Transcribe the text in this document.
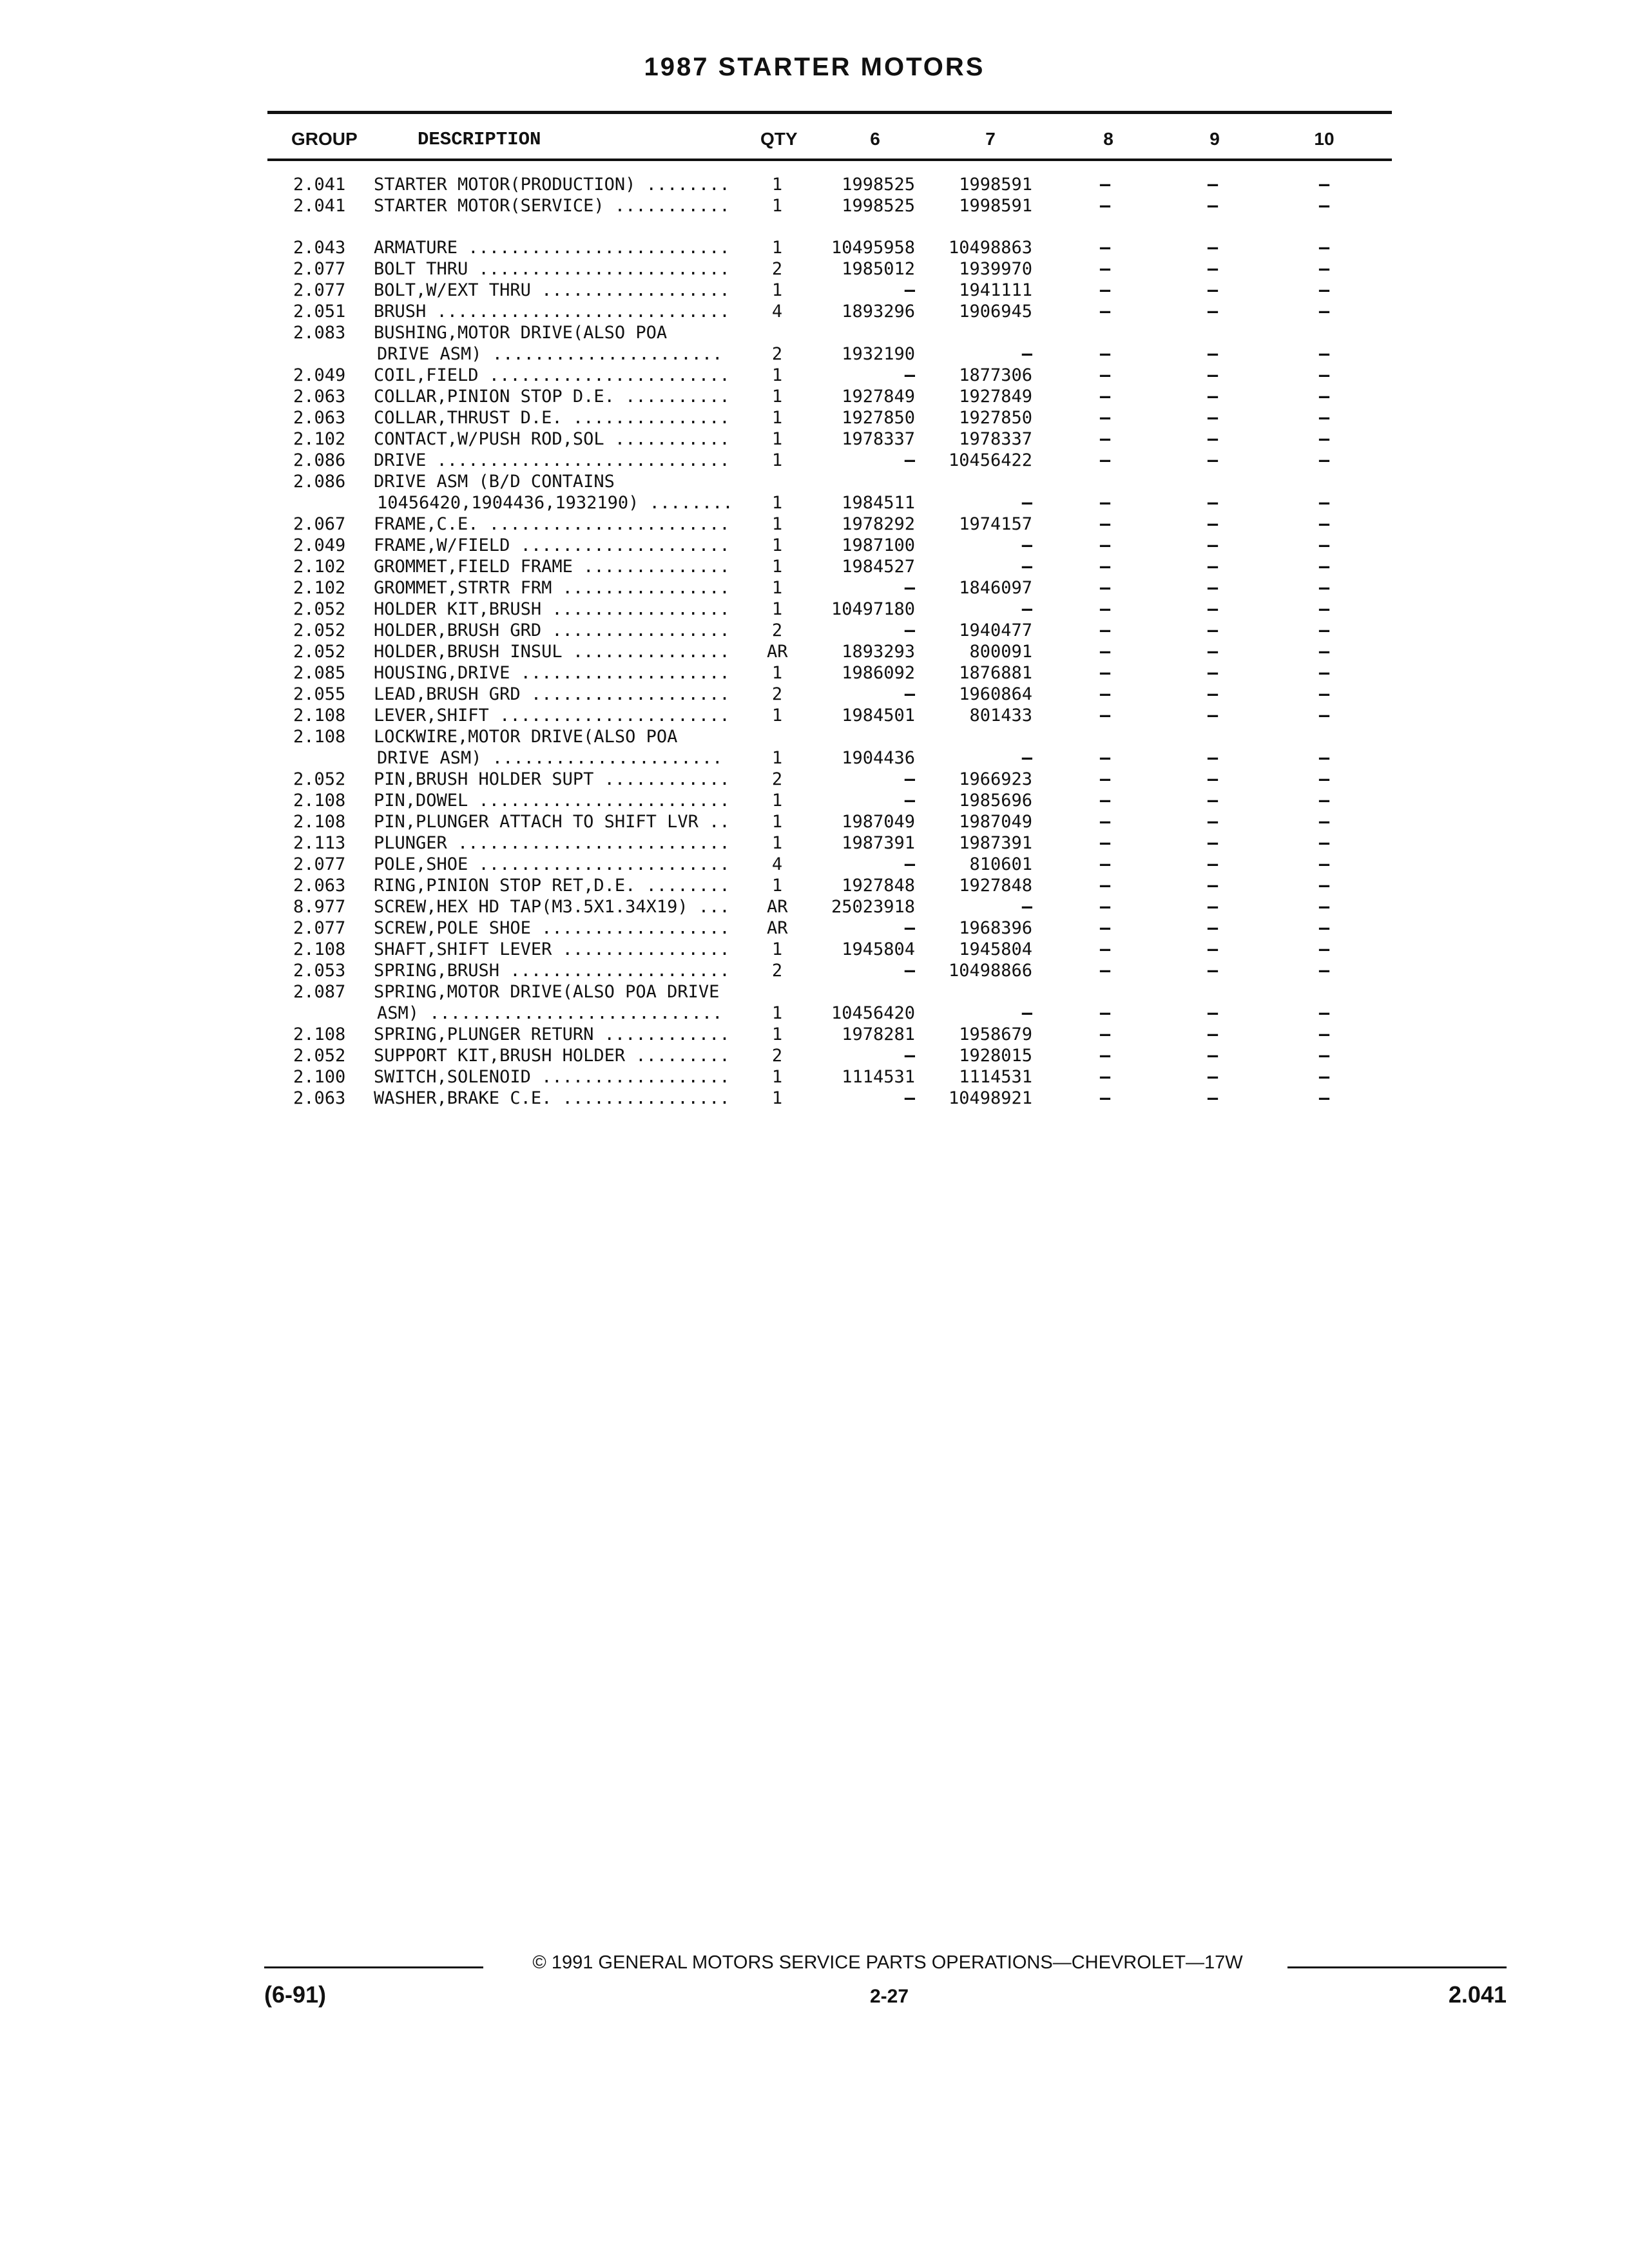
1987 STARTER MOTORS
GROUP	DESCRIPTION	QTY	6	7	8	9	10
2.041 STARTER MOTOR(PRODUCTION) ........ 1	1998525	1998591	—	—	—
2.041 STARTER MOTOR(SERVICE) ........... 1	1998525	1998591	—	—	—
2.043 ARMATURE ......................... 1	10495958	10498863	—	—	—
2.077 BOLT THRU ........................ 2	1985012	1939970	—	—	—
2.077 BOLT,W/EXT THRU .................. 1	—	1941111	—	—	—
2.051 BRUSH ............................ 4	1893296	1906945	—	—	—
2.083 BUSHING,MOTOR DRIVE(ALSO POA
DRIVE ASM) ......................	2	1932190	—	—	—	—
2.049 COIL,FIELD ....................... 1	—	1877306	—	—	—
2.063 COLLAR,PINION STOP D.E. .......... 1	1927849	1927849	—	—	—
2.063 COLLAR,THRUST D.E. ............... 1	1927850	1927850	—	—	—
2.102 CONTACT,W/PUSH ROD,SOL ........... 1	1978337	1978337	—	—	—
2.086 DRIVE ............................ 1	—	10456422	—	—	—
2.086 DRIVE ASM (B/D CONTAINS
10456420,1904436,1932190) ........ 1	1984511	—	—	—	—
2.067 FRAME,C.E. ....................... 1	1978292	1974157	—	—	—
2.049 FRAME,W/FIELD .................... 1	1987100	—	—	—	—
2.102 GROMMET,FIELD FRAME .............. 1	1984527	—	—	—	—
2.102 GROMMET,STRTR FRM ................ 1	—	1846097	—	—	—
2.052 HOLDER KIT,BRUSH ................. 1	10497180	—	—	—	—
2.052 HOLDER,BRUSH GRD ................. 2	—	1940477	—	—	—
2.052 HOLDER,BRUSH INSUL ............... AR	1893293	800091	—	—	—
2.085 HOUSING,DRIVE .................... 1	1986092	1876881	—	—	—
2.055 LEAD,BRUSH GRD ................... 2	—	1960864	—	—	—
2.108 LEVER,SHIFT ...................... 1	1984501	801433	—	—	—
2.108 LOCKWIRE,MOTOR DRIVE(ALSO POA
DRIVE ASM) ......................	1	1904436	—	—	—	—
2.052 PIN,BRUSH HOLDER SUPT ............ 2	—	1966923	—	—	—
2.108 PIN,DOWEL ........................ 1	—	1985696	—	—	—
2.108 PIN,PLUNGER ATTACH TO SHIFT LVR .. 1	1987049	1987049	—	—	—
2.113 PLUNGER .......................... 1	1987391	1987391	—	—	—
2.077 POLE,SHOE ........................ 4	—	810601	—	—	—
2.063 RING,PINION STOP RET,D.E. ........ 1	1927848	1927848	—	—	—
8.977 SCREW,HEX HD TAP(M3.5X1.34X19) ... AR	25023918	—	—	—	—
2.077 SCREW,POLE SHOE .................. AR	—	1968396	—	—	—
2.108 SHAFT,SHIFT LEVER ................ 1	1945804	1945804	—	—	—
2.053 SPRING,BRUSH ..................... 2	—	10498866	—	—	—
2.087 SPRING,MOTOR DRIVE(ALSO POA DRIVE
ASM) ............................	1	10456420	—	—	—	—
2.108 SPRING,PLUNGER RETURN ............ 1	1978281	1958679	—	—	—
2.052 SUPPORT KIT,BRUSH HOLDER ......... 2	—	1928015	—	—	—
2.100 SWITCH,SOLENOID .................. 1	1114531	1114531	—	—	—
2.063 WASHER,BRAKE C.E. ................ 1	—	10498921	—	—	—
© 1991 GENERAL MOTORS SERVICE PARTS OPERATIONS—CHEVROLET—17W
(6-91)	2-27	2.041
